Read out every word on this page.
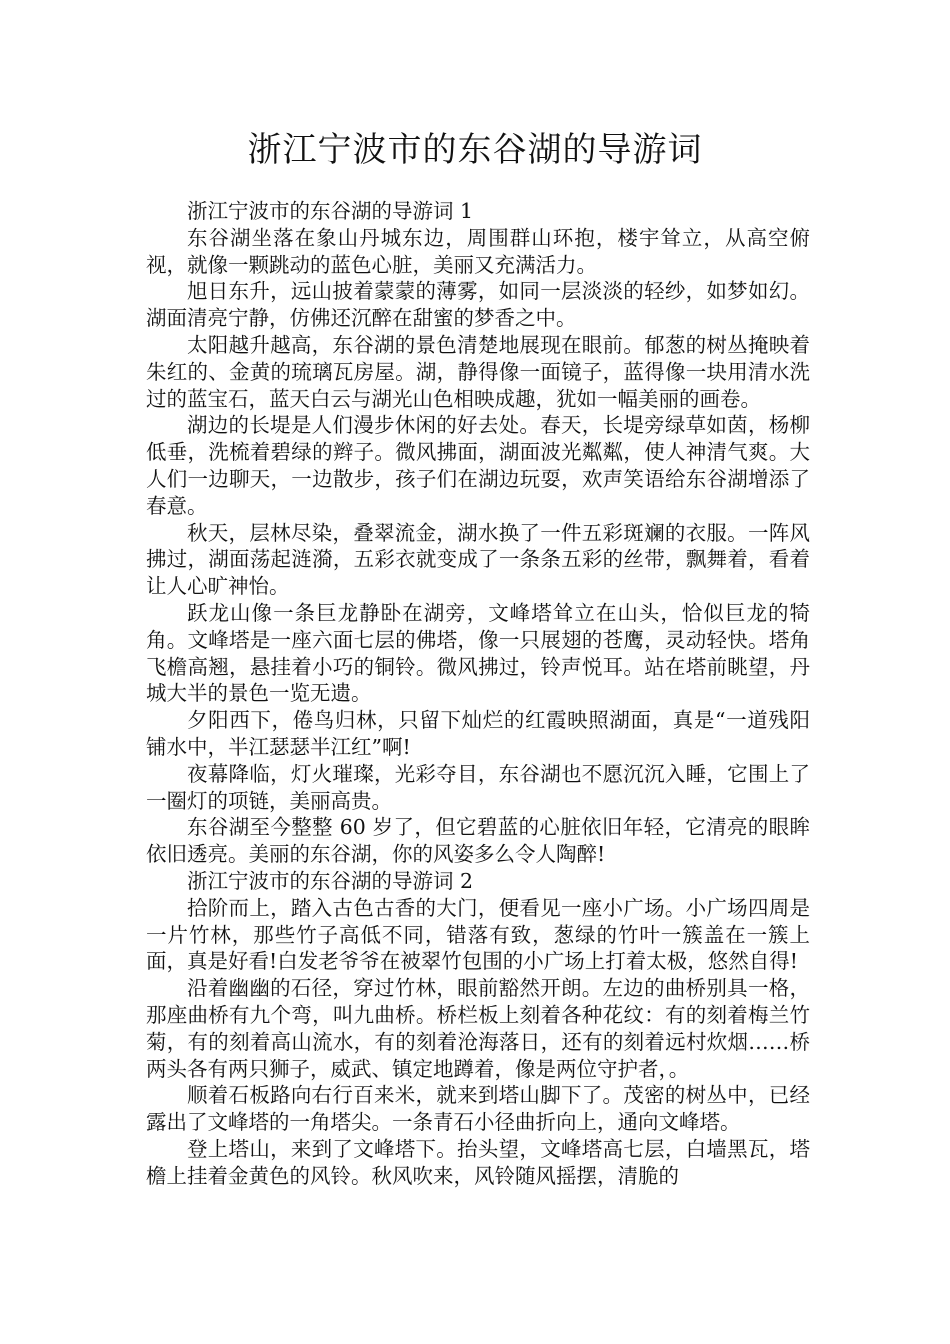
浙江宁波市的东谷湖的导游词

浙江宁波市的东谷湖的导游词 1

东谷湖坐落在象山丹城东边，周围群山环抱，楼宇耸立，从高空俯视，就像一颗跳动的蓝色心脏，美丽又充满活力。

旭日东升，远山披着蒙蒙的薄雾，如同一层淡淡的轻纱，如梦如幻。湖面清亮宁静，仿佛还沉醉在甜蜜的梦香之中。

太阳越升越高，东谷湖的景色清楚地展现在眼前。郁葱的树丛掩映着朱红的、金黄的琉璃瓦房屋。湖，静得像一面镜子，蓝得像一块用清水洗过的蓝宝石，蓝天白云与湖光山色相映成趣，犹如一幅美丽的画卷。

湖边的长堤是人们漫步休闲的好去处。春天，长堤旁绿草如茵，杨柳低垂，洗梳着碧绿的辫子。微风拂面，湖面波光粼粼，使人神清气爽。大人们一边聊天，一边散步，孩子们在湖边玩耍，欢声笑语给东谷湖增添了春意。

秋天，层林尽染，叠翠流金，湖水换了一件五彩斑斓的衣服。一阵风拂过，湖面荡起涟漪，五彩衣就变成了一条条五彩的丝带，飘舞着，看着让人心旷神怡。

跃龙山像一条巨龙静卧在湖旁，文峰塔耸立在山头，恰似巨龙的犄角。文峰塔是一座六面七层的佛塔，像一只展翅的苍鹰，灵动轻快。塔角飞檐高翘，悬挂着小巧的铜铃。微风拂过，铃声悦耳。站在塔前眺望，丹城大半的景色一览无遗。

夕阳西下，倦鸟归林，只留下灿烂的红霞映照湖面，真是“一道残阳铺水中，半江瑟瑟半江红”啊!

夜幕降临，灯火璀璨，光彩夺目，东谷湖也不愿沉沉入睡，它围上了一圈灯的项链，美丽高贵。

东谷湖至今整整 60 岁了，但它碧蓝的心脏依旧年轻，它清亮的眼眸依旧透亮。美丽的东谷湖，你的风姿多么令人陶醉!

浙江宁波市的东谷湖的导游词 2

拾阶而上，踏入古色古香的大门，便看见一座小广场。小广场四周是一片竹林，那些竹子高低不同，错落有致，葱绿的竹叶一簇盖在一簇上面，真是好看!白发老爷爷在被翠竹包围的小广场上打着太极，悠然自得!

沿着幽幽的石径，穿过竹林，眼前豁然开朗。左边的曲桥别具一格，那座曲桥有九个弯，叫九曲桥。桥栏板上刻着各种花纹：有的刻着梅兰竹菊，有的刻着高山流水，有的刻着沧海落日，还有的刻着远村炊烟……桥两头各有两只狮子，威武、镇定地蹲着，像是两位守护者，。

顺着石板路向右行百来米，就来到塔山脚下了。茂密的树丛中，已经露出了文峰塔的一角塔尖。一条青石小径曲折向上，通向文峰塔。

登上塔山，来到了文峰塔下。抬头望，文峰塔高七层，白墙黑瓦，塔檐上挂着金黄色的风铃。秋风吹来，风铃随风摇摆，清脆的
